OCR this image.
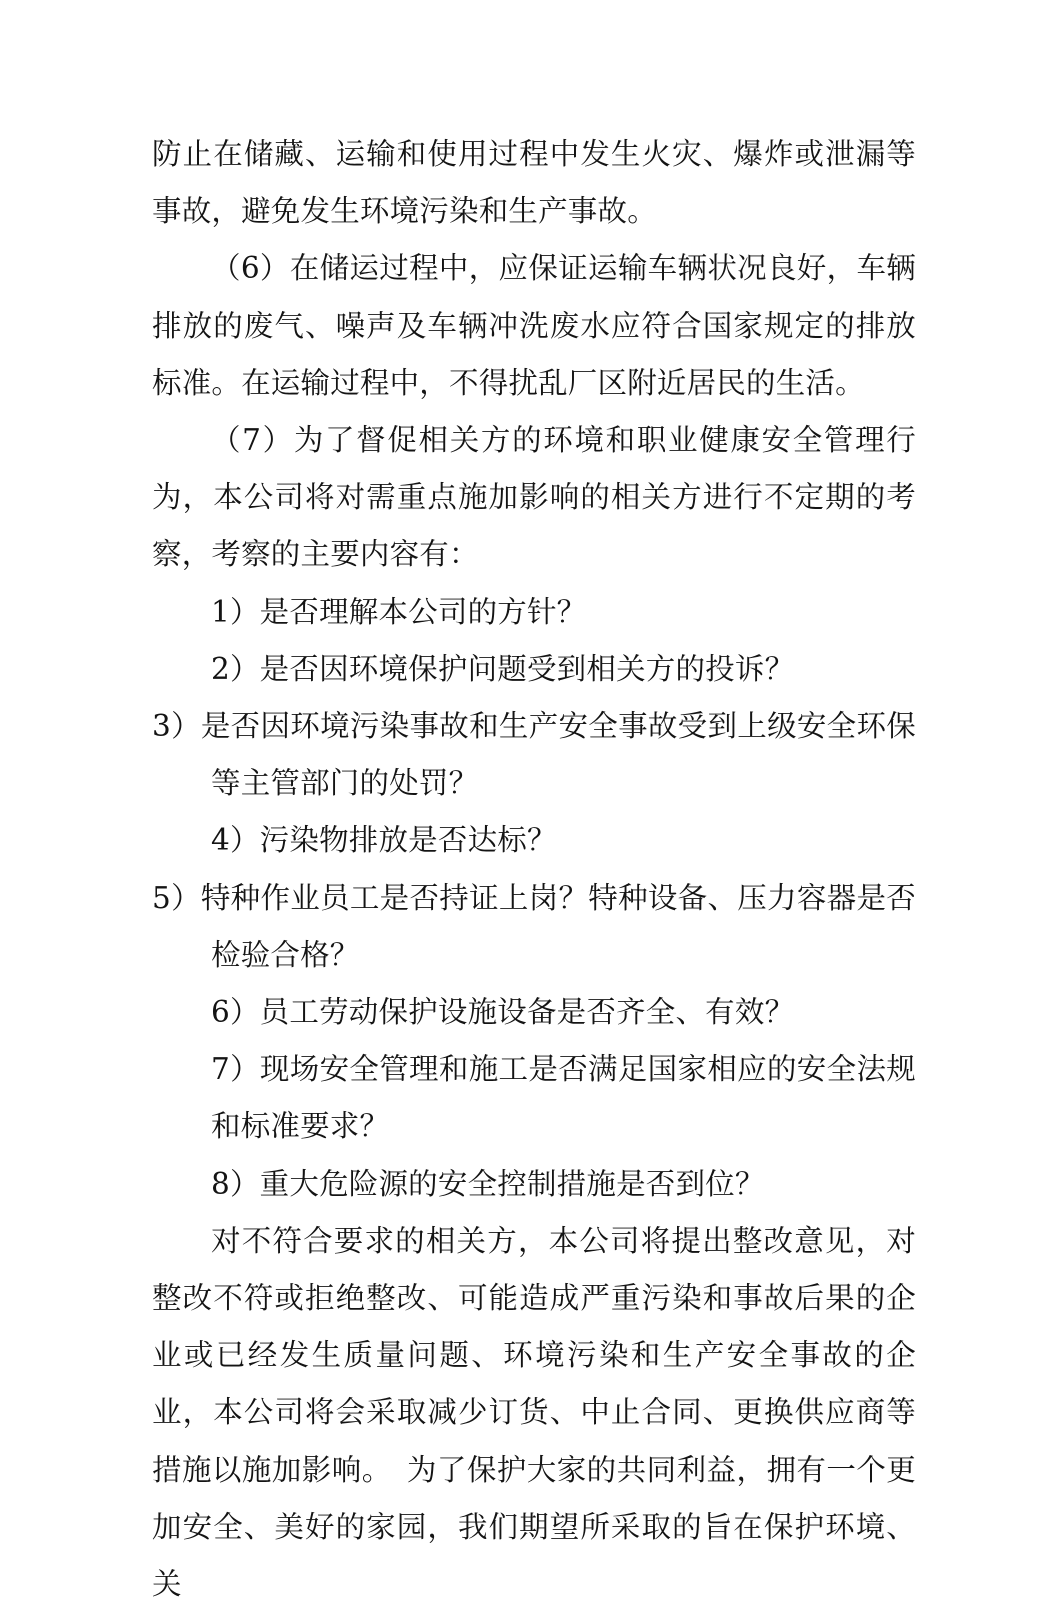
防止在储藏、运输和使用过程中发生火灾、爆炸或泄漏等事故，避免发生环境污染和生产事故。

（6）在储运过程中，应保证运输车辆状况良好，车辆排放的废气、噪声及车辆冲洗废水应符合国家规定的排放标准。在运输过程中，不得扰乱厂区附近居民的生活。

（7）为了督促相关方的环境和职业健康安全管理行为，本公司将对需重点施加影响的相关方进行不定期的考察，考察的主要内容有：

1）是否理解本公司的方针？

2）是否因环境保护问题受到相关方的投诉？

3）是否因环境污染事故和生产安全事故受到上级安全环保等主管部门的处罚？

4）污染物排放是否达标？

5）特种作业员工是否持证上岗？特种设备、压力容器是否检验合格？

6）员工劳动保护设施设备是否齐全、有效？

7）现场安全管理和施工是否满足国家相应的安全法规和标准要求？

8）重大危险源的安全控制措施是否到位？

对不符合要求的相关方，本公司将提出整改意见，对整改不符或拒绝整改、可能造成严重污染和事故后果的企业或已经发生质量问题、环境污染和生产安全事故的企业，本公司将会采取减少订货、中止合同、更换供应商等措施以施加影响。　为了保护大家的共同利益，拥有一个更加安全、美好的家园，我们期望所采取的旨在保护环境、关
